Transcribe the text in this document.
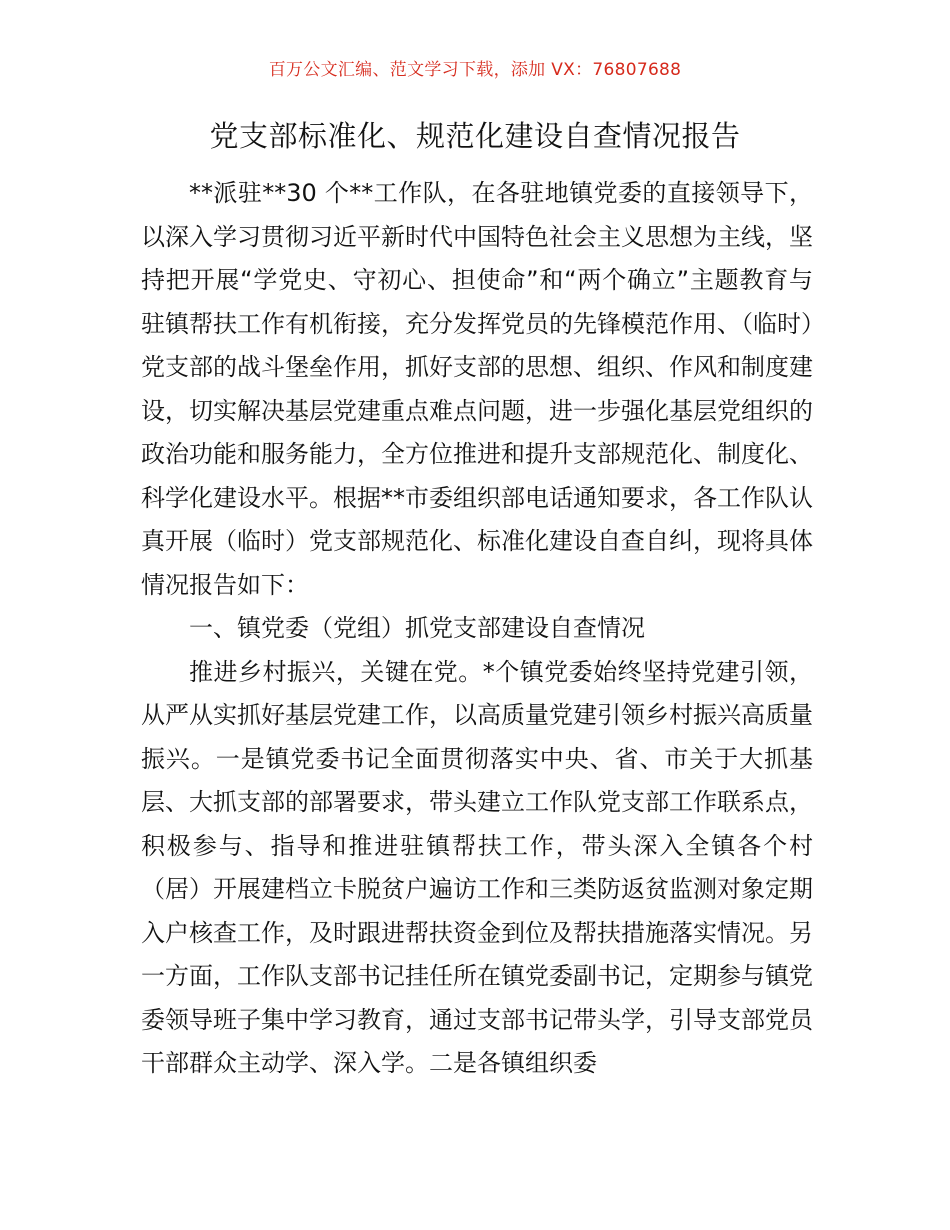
百万公文汇编、范文学习下载，添加 VX：76807688
党支部标准化、规范化建设自查情况报告

**派驻**30 个**工作队，在各驻地镇党委的直接领导下，以深入学习贯彻习近平新时代中国特色社会主义思想为主线，坚持把开展“学党史、守初心、担使命”和“两个确立”主题教育与驻镇帮扶工作有机衔接，充分发挥党员的先锋模范作用、（临时）党支部的战斗堡垒作用，抓好支部的思想、组织、作风和制度建设，切实解决基层党建重点难点问题，进一步强化基层党组织的政治功能和服务能力，全方位推进和提升支部规范化、制度化、科学化建设水平。根据**市委组织部电话通知要求，各工作队认真开展（临时）党支部规范化、标准化建设自查自纠，现将具体情况报告如下：

一、镇党委（党组）抓党支部建设自查情况

推进乡村振兴，关键在党。*个镇党委始终坚持党建引领，从严从实抓好基层党建工作，以高质量党建引领乡村振兴高质量振兴。一是镇党委书记全面贯彻落实中央、省、市关于大抓基层、大抓支部的部署要求，带头建立工作队党支部工作联系点，积极参与、指导和推进驻镇帮扶工作，带头深入全镇各个村（居）开展建档立卡脱贫户遍访工作和三类防返贫监测对象定期入户核查工作，及时跟进帮扶资金到位及帮扶措施落实情况。另一方面，工作队支部书记挂任所在镇党委副书记，定期参与镇党委领导班子集中学习教育，通过支部书记带头学，引导支部党员干部群众主动学、深入学。二是各镇组织委
